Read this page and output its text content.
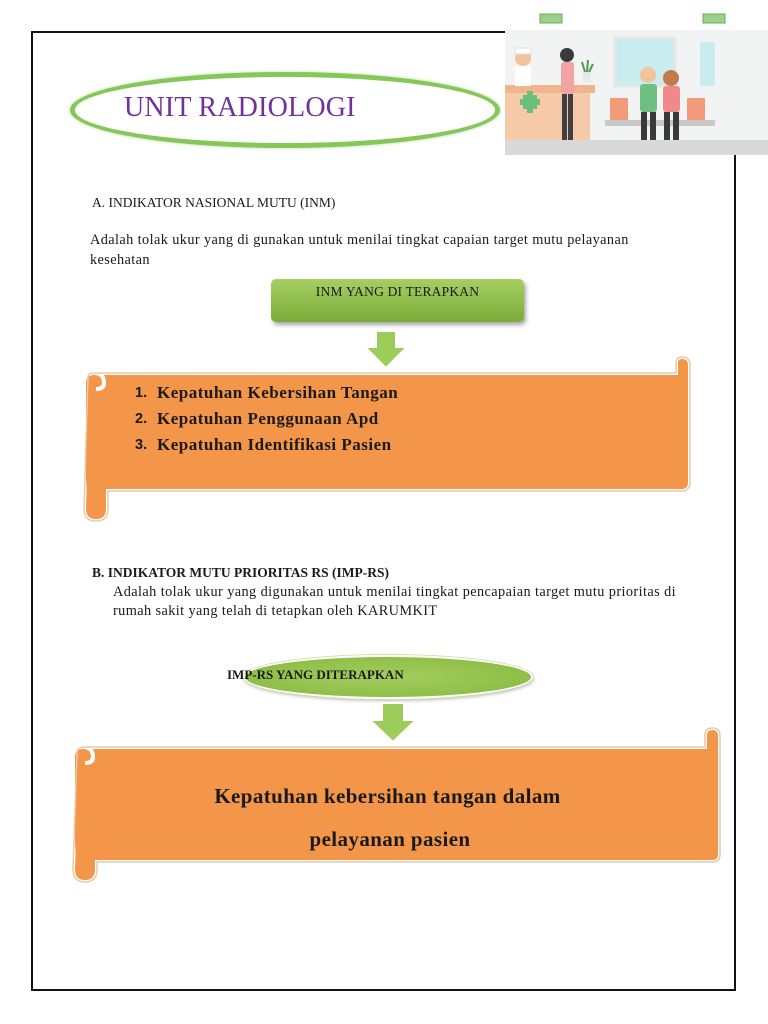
UNIT RADIOLOGI
A. INDIKATOR NASIONAL MUTU (INM)
Adalah tolak ukur yang di gunakan untuk menilai tingkat capaian target mutu pelayanan kesehatan
INM YANG DI TERAPKAN
1. Kepatuhan Kebersihan Tangan
2. Kepatuhan Penggunaan Apd
3. Kepatuhan Identifikasi Pasien
B. INDIKATOR MUTU PRIORITAS RS (IMP-RS)
Adalah tolak ukur yang digunakan untuk menilai tingkat pencapaian target mutu prioritas di rumah sakit yang telah di tetapkan oleh KARUMKIT
IMP-RS YANG DITERAPKAN
Kepatuhan kebersihan tangan dalam
pelayanan pasien
